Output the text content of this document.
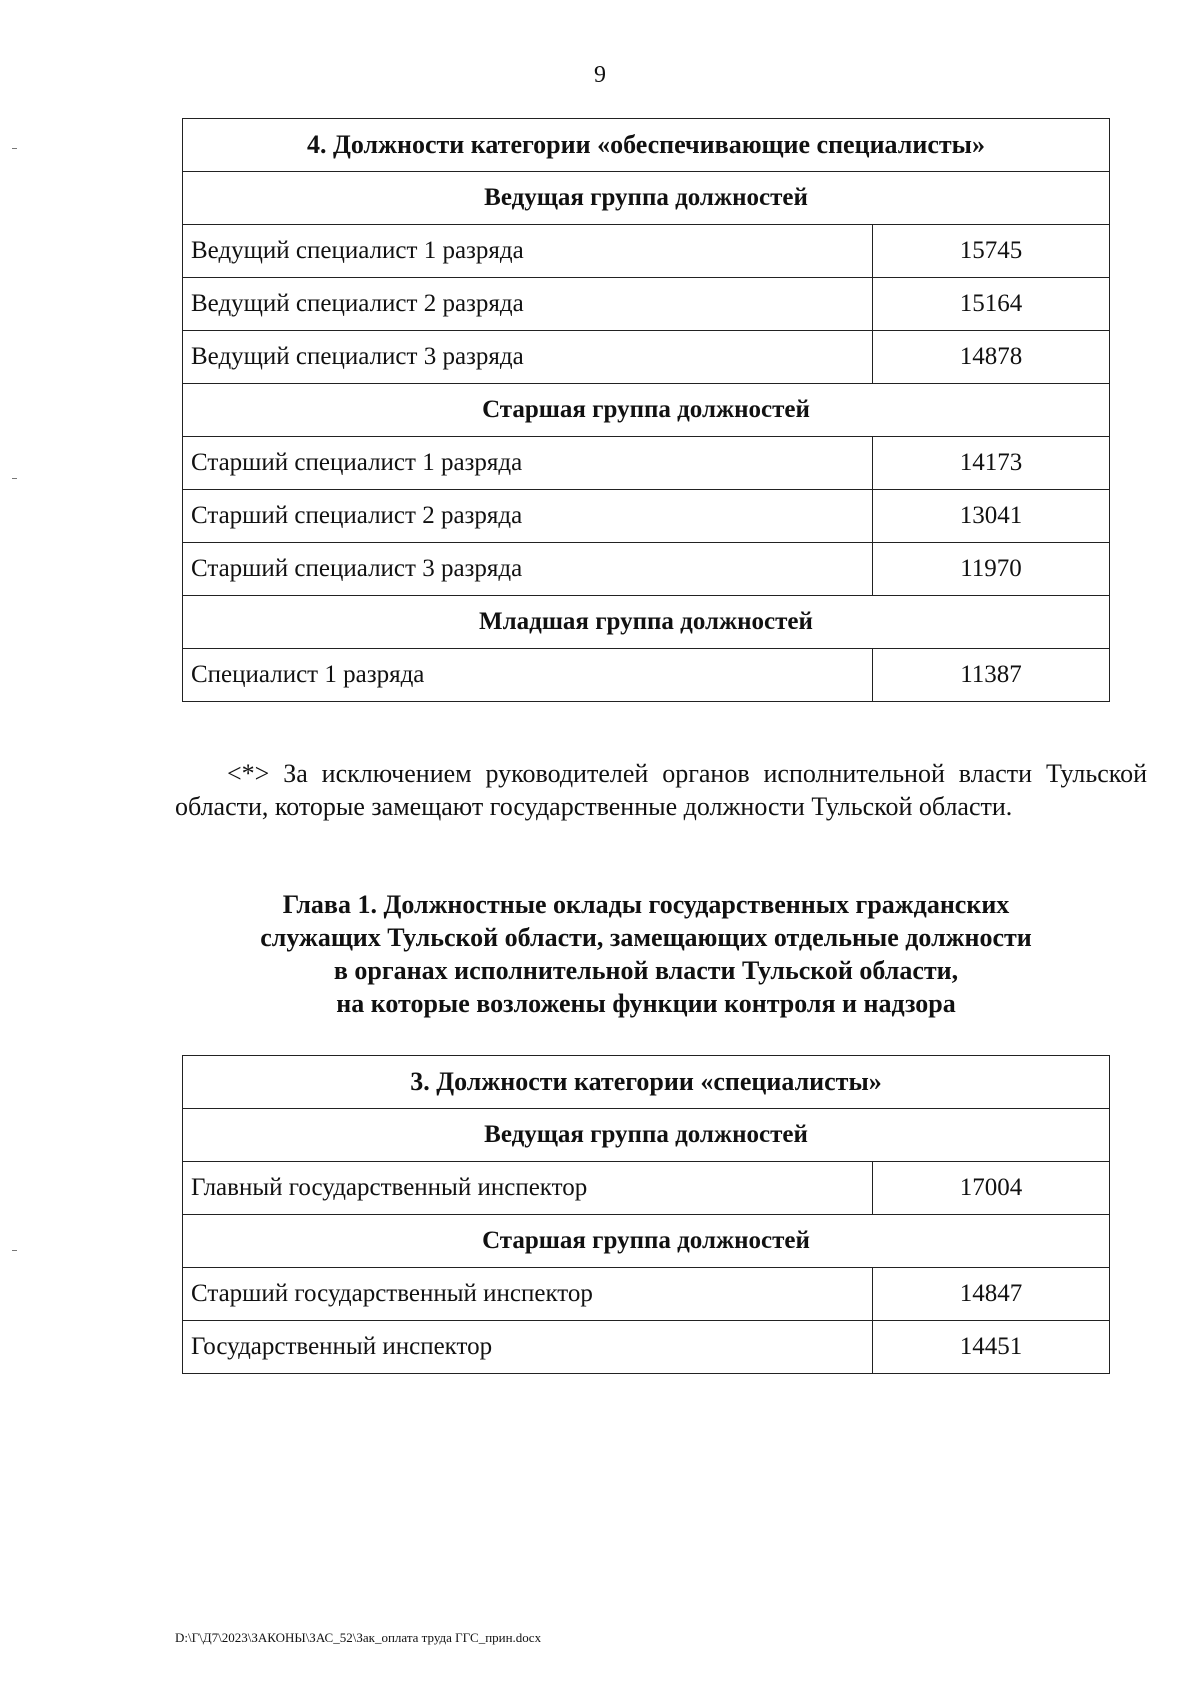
9
4. Должности категории «обеспечивающие специалисты»	
Ведущая группа должностей	
Ведущий специалист 1 разряда	15745
Ведущий специалист 2 разряда	15164
Ведущий специалист 3 разряда	14878
Старшая группа должностей	
Старший специалист 1 разряда	14173
Старший специалист 2 разряда	13041
Старший специалист 3 разряда	11970
Младшая группа должностей	
Специалист 1 разряда	11387

<*> За исключением руководителей органов исполнительной власти Тульской области, которые замещают государственные должности Тульской области.

Глава 1. Должностные оклады государственных гражданских
служащих Тульской области, замещающих отдельные должности
в органах исполнительной власти Тульской области,
на которые возложены функции контроля и надзора
3. Должности категории «специалисты»	
Ведущая группа должностей	
Главный государственный инспектор	17004
Старшая группа должностей	
Старший государственный инспектор	14847
Государственный инспектор	14451
D:\Г\Д7\2023\ЗАКОНЫ\ЗАС_52\Зак_оплата труда ГГС_прин.docx
